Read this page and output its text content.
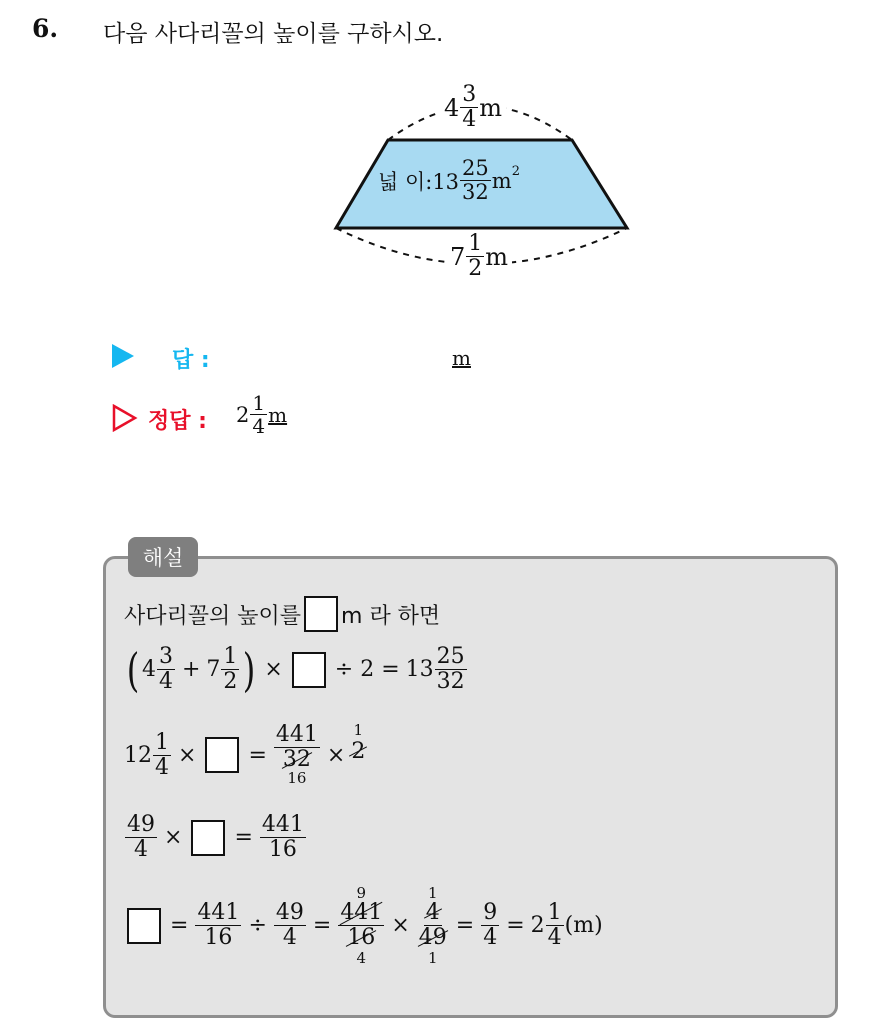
6. 다음 사다리꼴의 높이를 구하시오.
$4 \frac{3}{4}$ m
넓 이:13 $\frac{25}{32} m^2$
$7 \frac{1}{2}$ m
답 :	m
정답 : $2 \frac{1}{4}$ m
해설
사다리꼴의 높이를 m 라 하면
( $4 \frac{3}{4} + 7 \frac{1}{2}$ ) × ÷ $2 = 13 \frac{25}{32}$
$12 \frac{1}{4}$ × =
441
32
16
×
1
2
$\frac{49}{4}$ × = $\frac{441}{16}$
= $\frac{441}{16} \div \frac{49}{4}$ =
9
$\frac{441}{16}$
4
×
1
$\frac{4}{49}$
1
= $\frac{9}{4} = 2 \frac{1}{4} (m)$
